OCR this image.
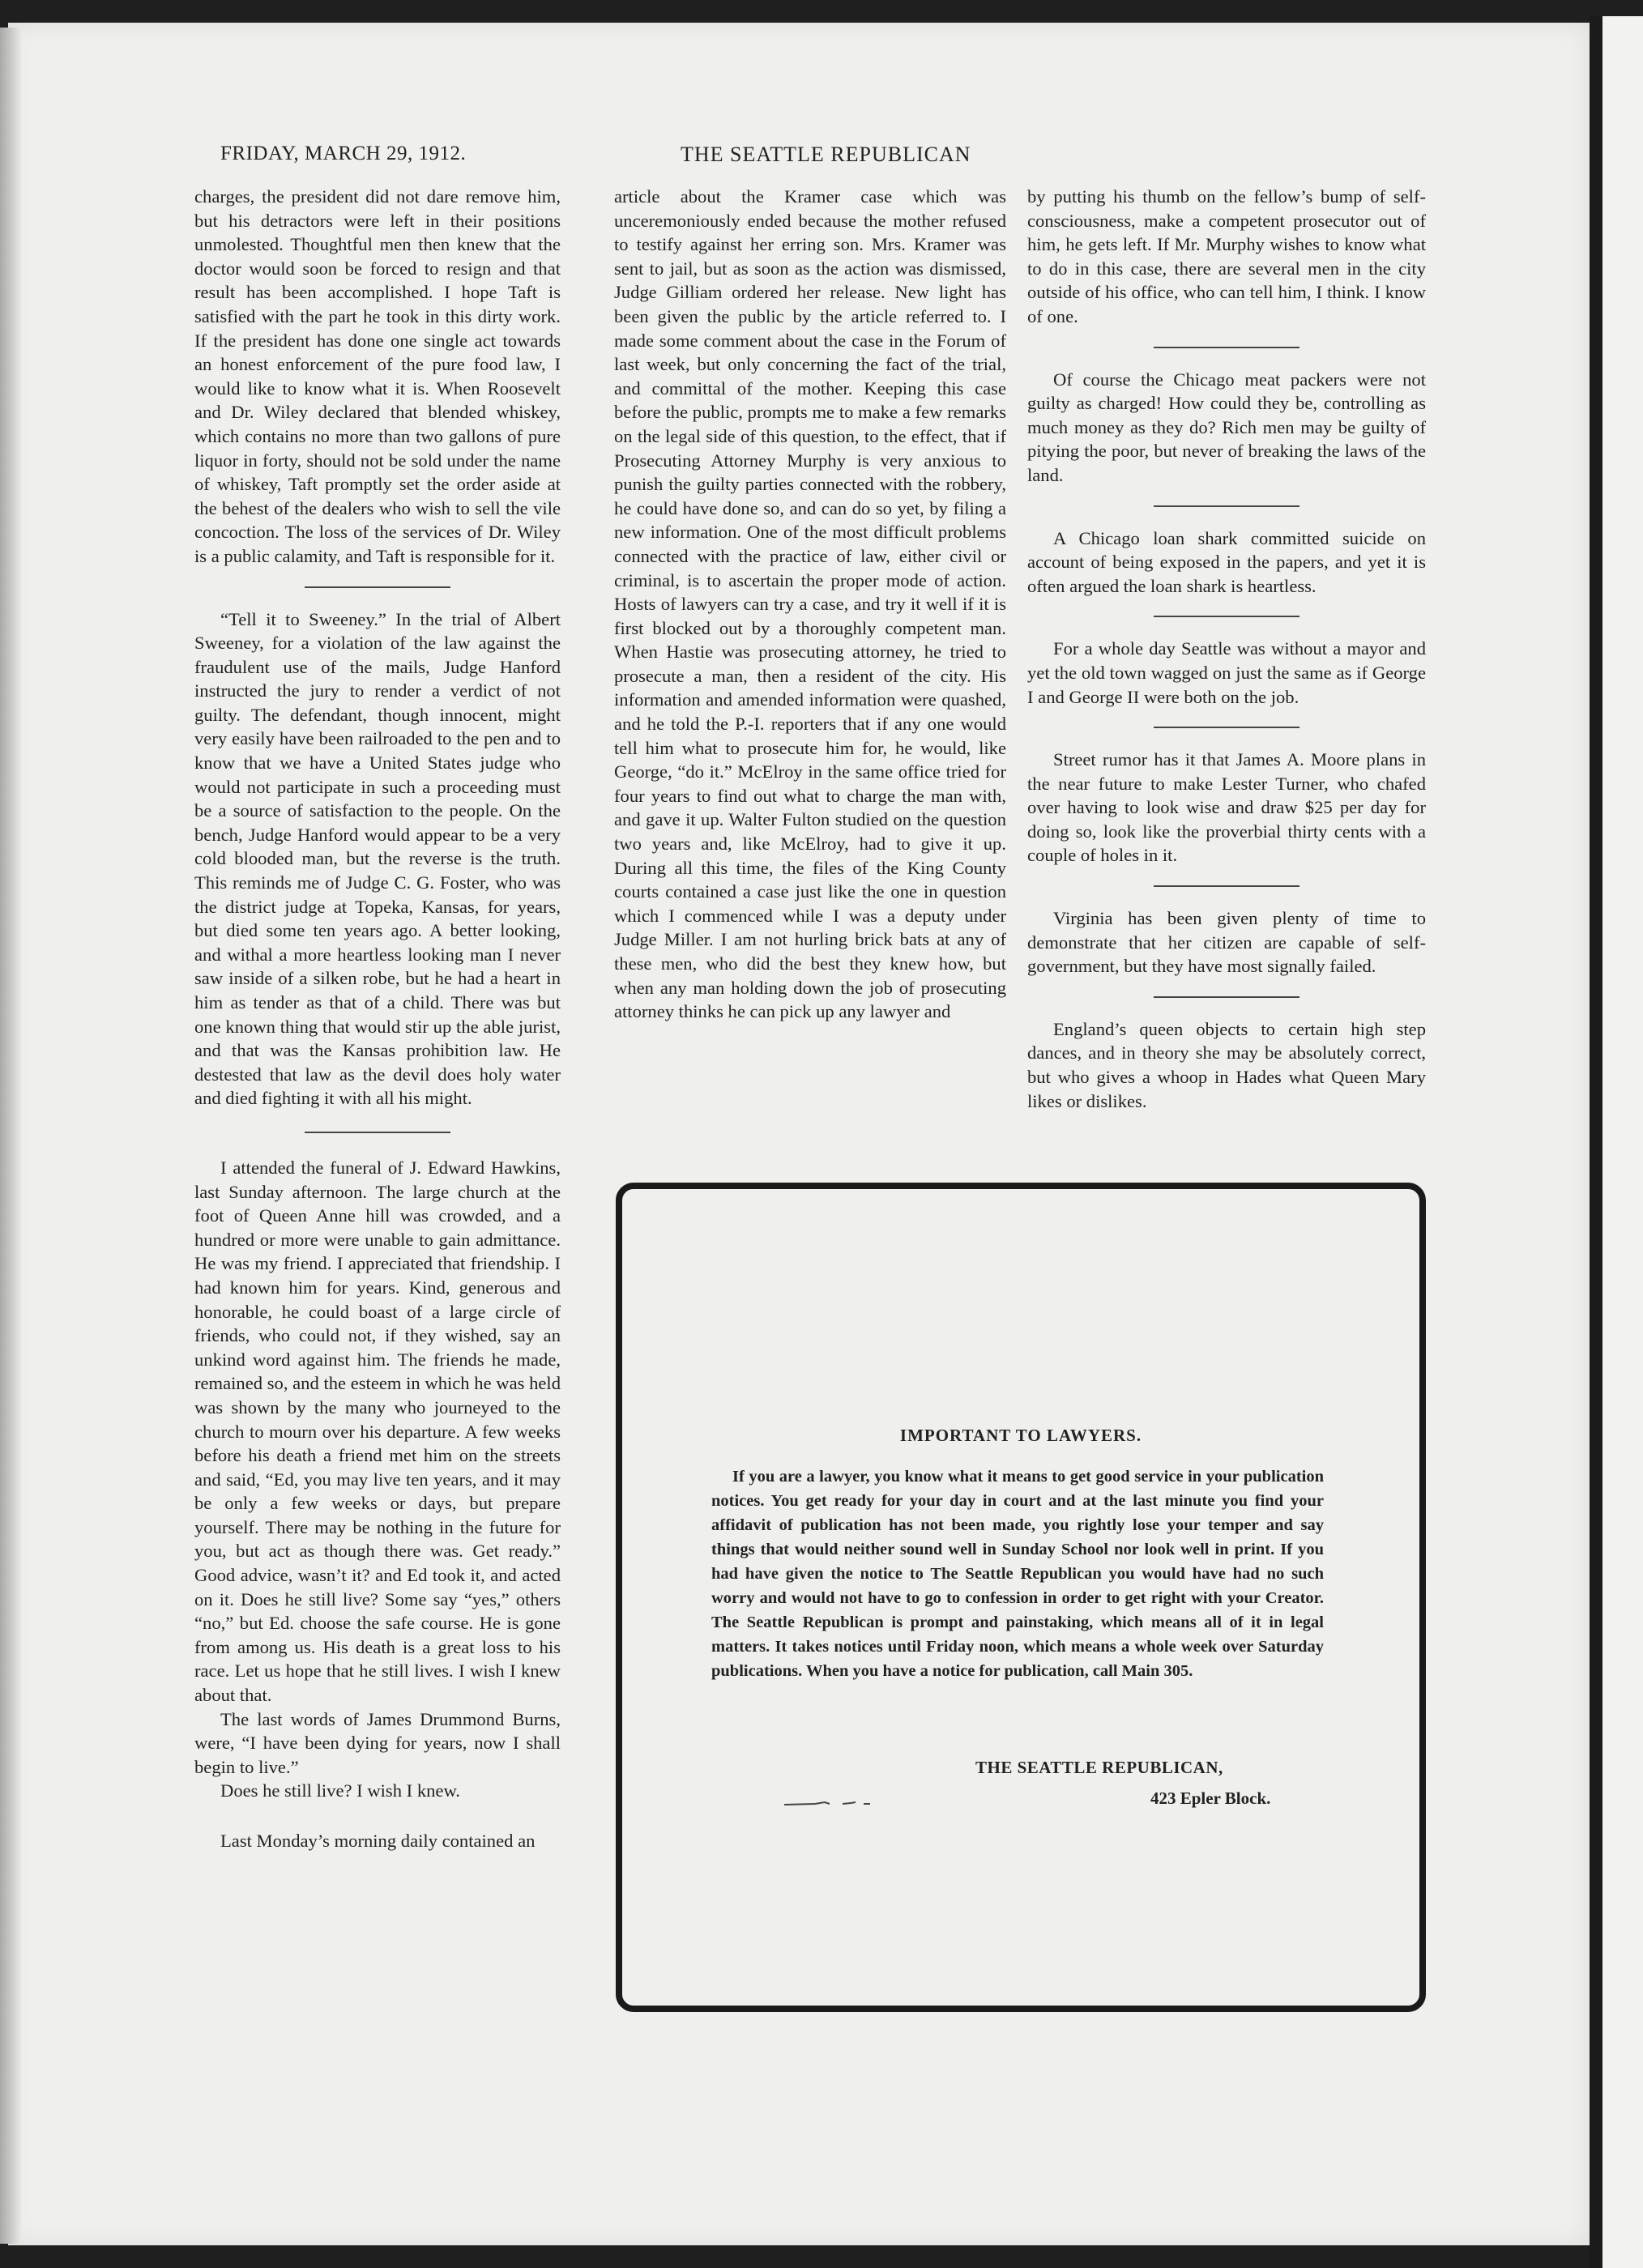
FRIDAY, MARCH 29, 1912.	THE SEATTLE REPUBLICAN

charges, the president did not dare remove him, but his detractors were left in their positions unmolested. Thoughtful men then knew that the doctor would soon be forced to resign and that result has been accomplished. I hope Taft is satisfied with the part he took in this dirty work. If the president has done one single act towards an honest enforcement of the pure food law, I would like to know what it is. When Roosevelt and Dr. Wiley declared that blended whiskey, which contains no more than two gallons of pure liquor in forty, should not be sold under the name of whiskey, Taft promptly set the order aside at the behest of the dealers who wish to sell the vile concoction. The loss of the services of Dr. Wiley is a public calamity, and Taft is responsible for it.

“Tell it to Sweeney.” In the trial of Albert Sweeney, for a violation of the law against the fraudulent use of the mails, Judge Hanford instructed the jury to render a verdict of not guilty. The defendant, though innocent, might very easily have been railroaded to the pen and to know that we have a United States judge who would not participate in such a proceeding must be a source of satisfaction to the people. On the bench, Judge Hanford would appear to be a very cold blooded man, but the reverse is the truth. This reminds me of Judge C. G. Foster, who was the district judge at Topeka, Kansas, for years, but died some ten years ago. A better looking, and withal a more heartless looking man I never saw inside of a silken robe, but he had a heart in him as tender as that of a child. There was but one known thing that would stir up the able jurist, and that was the Kansas prohibition law. He destested that law as the devil does holy water and died fighting it with all his might.

I attended the funeral of J. Edward Hawkins, last Sunday afternoon. The large church at the foot of Queen Anne hill was crowded, and a hundred or more were unable to gain admittance. He was my friend. I appreciated that friendship. I had known him for years. Kind, generous and honorable, he could boast of a large circle of friends, who could not, if they wished, say an unkind word against him. The friends he made, remained so, and the esteem in which he was held was shown by the many who journeyed to the church to mourn over his departure. A few weeks before his death a friend met him on the streets and said, “Ed, you may live ten years, and it may be only a few weeks or days, but prepare yourself. There may be nothing in the future for you, but act as though there was. Get ready.” Good advice, wasn’t it? and Ed took it, and acted on it. Does he still live? Some say “yes,” others “no,” but Ed. choose the safe course. He is gone from among us. His death is a great loss to his race. Let us hope that he still lives. I wish I knew about that.

The last words of James Drummond Burns, were, “I have been dying for years, now I shall begin to live.”

Does he still live? I wish I knew.

Last Monday’s morning daily contained an

article about the Kramer case which was unceremoniously ended because the mother refused to testify against her erring son. Mrs. Kramer was sent to jail, but as soon as the action was dismissed, Judge Gilliam ordered her release. New light has been given the public by the article referred to. I made some comment about the case in the Forum of last week, but only concerning the fact of the trial, and committal of the mother. Keeping this case before the public, prompts me to make a few remarks on the legal side of this question, to the effect, that if Prosecuting Attorney Murphy is very anxious to punish the guilty parties connected with the robbery, he could have done so, and can do so yet, by filing a new information. One of the most difficult problems connected with the practice of law, either civil or criminal, is to ascertain the proper mode of action. Hosts of lawyers can try a case, and try it well if it is first blocked out by a thoroughly competent man. When Hastie was prosecuting attorney, he tried to prosecute a man, then a resident of the city. His information and amended information were quashed, and he told the P.-I. reporters that if any one would tell him what to prosecute him for, he would, like George, “do it.” McElroy in the same office tried for four years to find out what to charge the man with, and gave it up. Walter Fulton studied on the question two years and, like McElroy, had to give it up. During all this time, the files of the King County courts contained a case just like the one in question which I commenced while I was a deputy under Judge Miller. I am not hurling brick bats at any of these men, who did the best they knew how, but when any man holding down the job of prosecuting attorney thinks he can pick up any lawyer and

by putting his thumb on the fellow’s bump of self-consciousness, make a competent prosecutor out of him, he gets left. If Mr. Murphy wishes to know what to do in this case, there are several men in the city outside of his office, who can tell him, I think. I know of one.

Of course the Chicago meat packers were not guilty as charged! How could they be, controlling as much money as they do? Rich men may be guilty of pitying the poor, but never of breaking the laws of the land.

A Chicago loan shark committed suicide on account of being exposed in the papers, and yet it is often argued the loan shark is heartless.

For a whole day Seattle was without a mayor and yet the old town wagged on just the same as if George I and George II were both on the job.

Street rumor has it that James A. Moore plans in the near future to make Lester Turner, who chafed over having to look wise and draw $25 per day for doing so, look like the proverbial thirty cents with a couple of holes in it.

Virginia has been given plenty of time to demonstrate that her citizen are capable of self-government, but they have most signally failed.

England’s queen objects to certain high step dances, and in theory she may be absolutely correct, but who gives a whoop in Hades what Queen Mary likes or dislikes.

IMPORTANT TO LAWYERS.
If you are a lawyer, you know what it means to get good service in your publication notices. You get ready for your day in court and at the last minute you find your affidavit of publication has not been made, you rightly lose your temper and say things that would neither sound well in Sunday School nor look well in print. If you had have given the notice to The Seattle Republican you would have had no such worry and would not have to go to confession in order to get right with your Creator. The Seattle Republican is prompt and painstaking, which means all of it in legal matters. It takes notices until Friday noon, which means a whole week over Saturday publications. When you have a notice for publication, call Main 305.
THE SEATTLE REPUBLICAN,
423 Epler Block.
